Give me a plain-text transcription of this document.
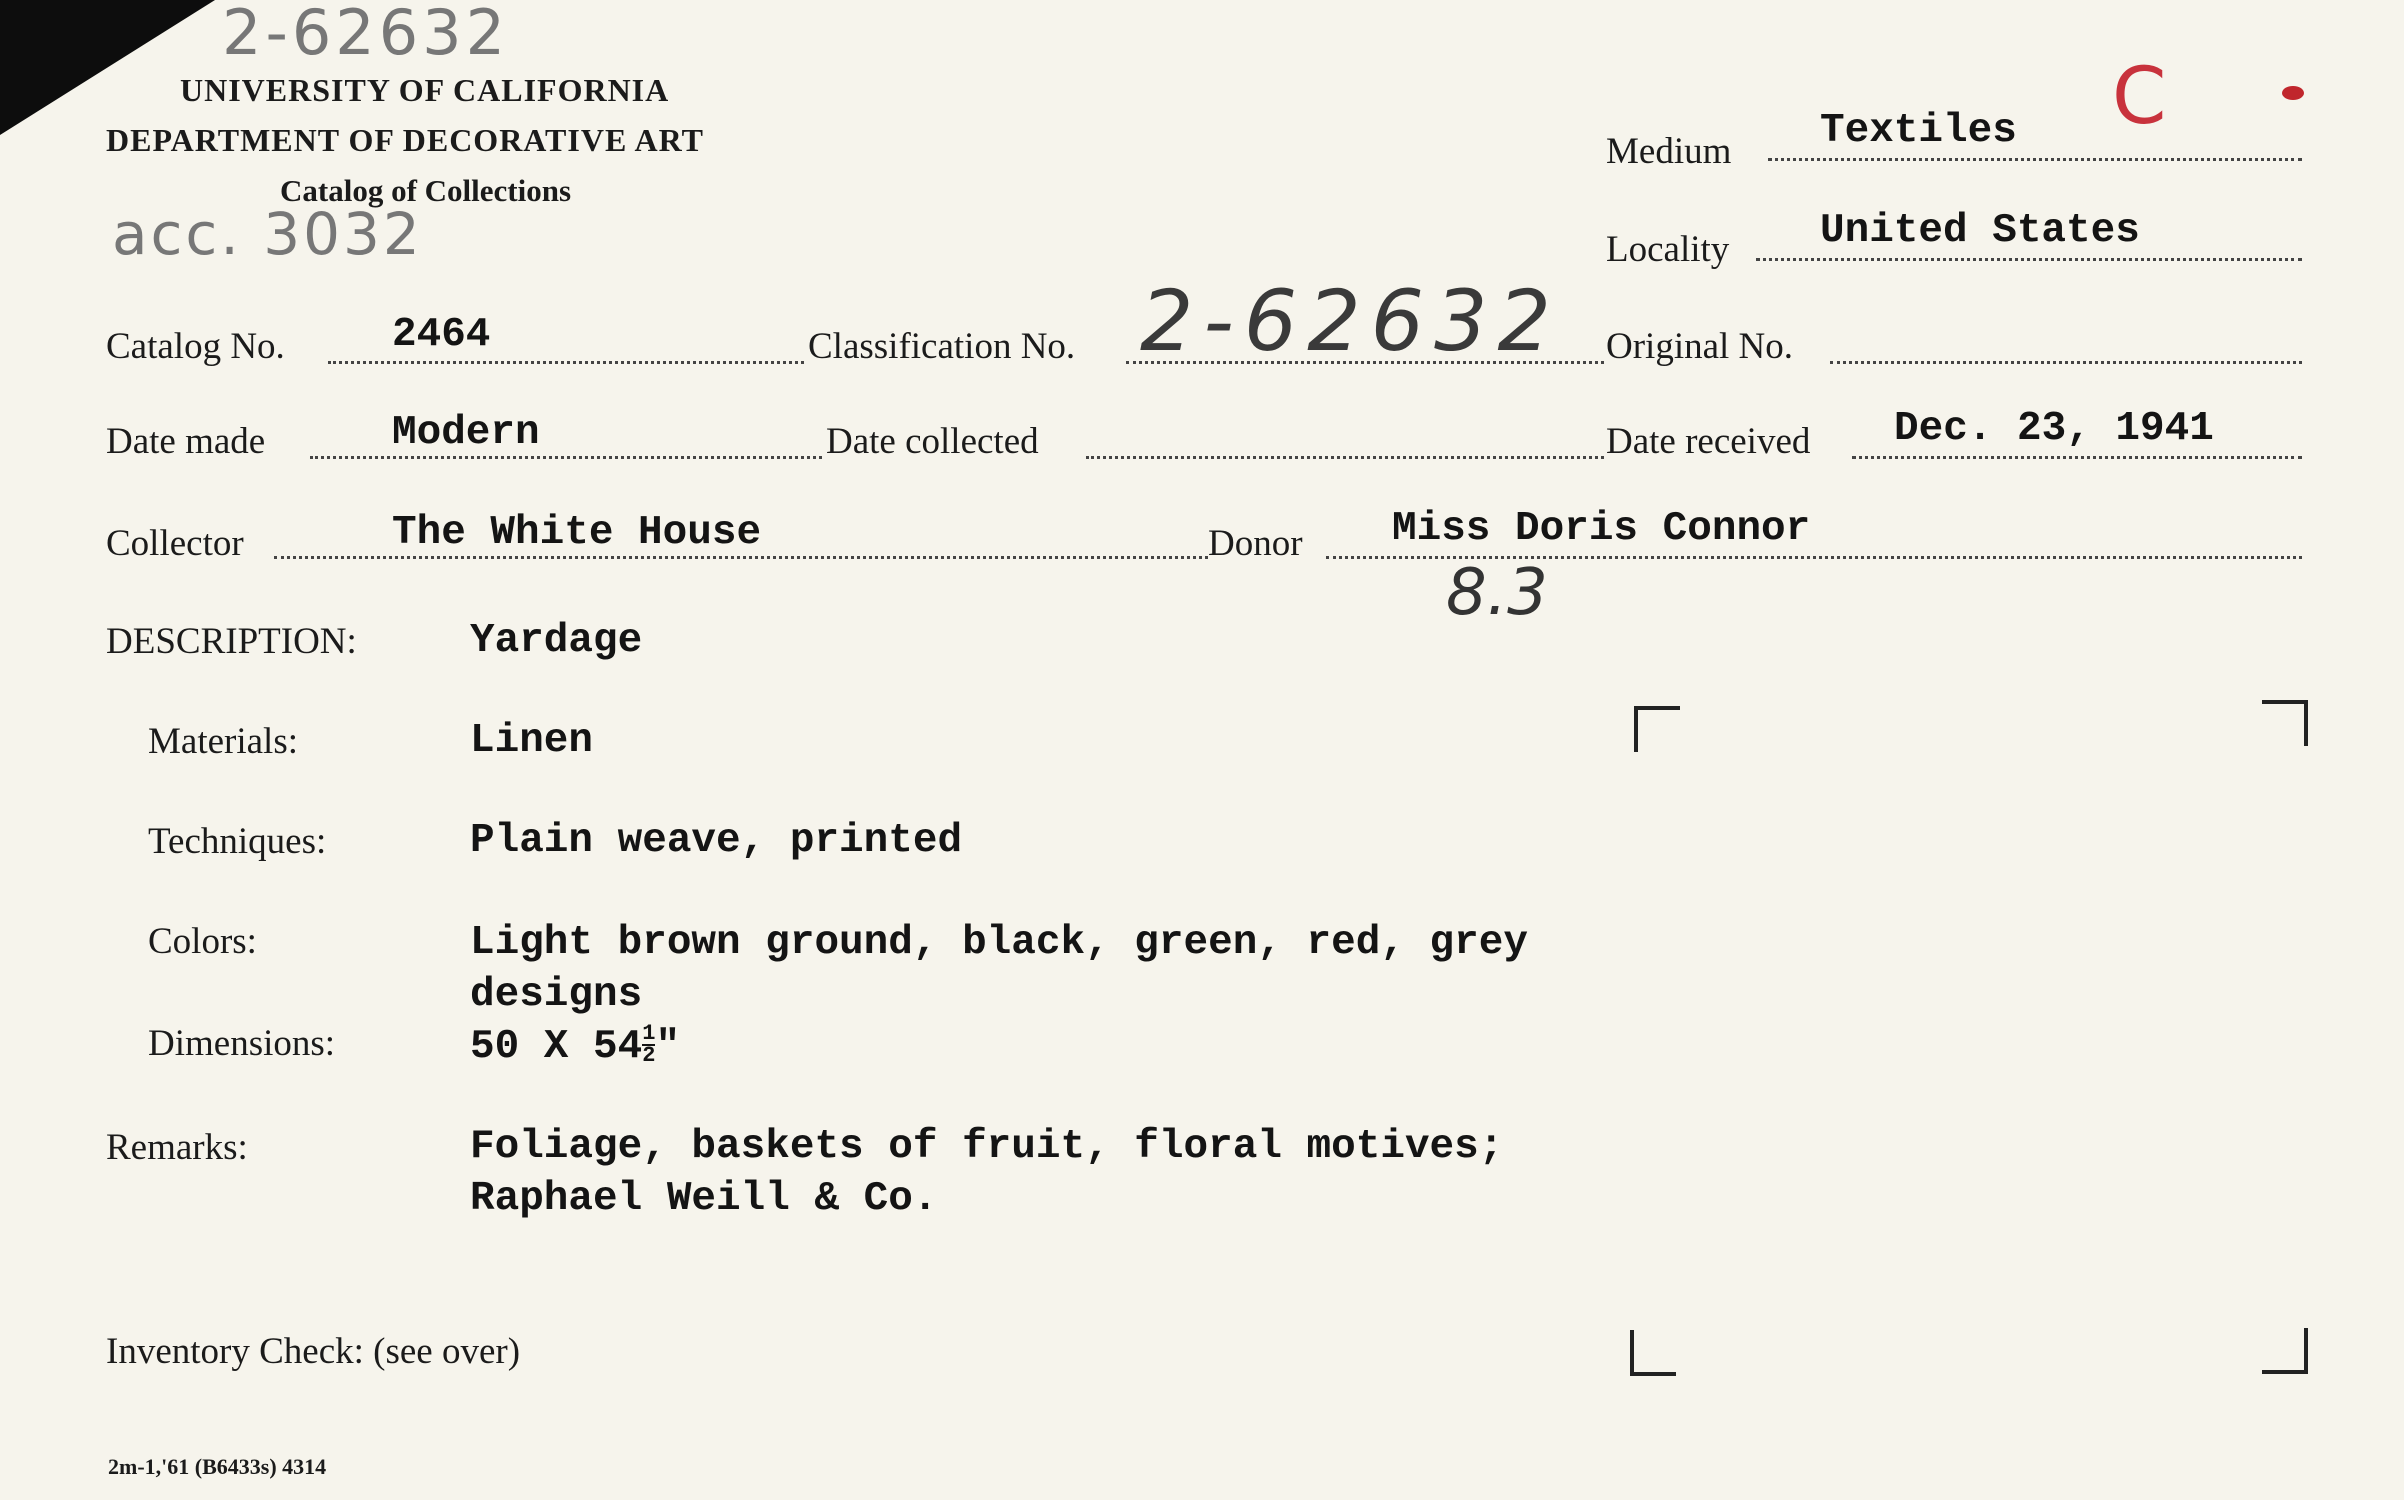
2-62632
UNIVERSITY OF CALIFORNIA
DEPARTMENT OF DECORATIVE ART
Catalog of Collections
acc. 3032
C
Medium Textiles
Locality United States
Catalog No.	2464	Classification No. 2-62632 Original No.
Date made	Modern	Date collected	Date received Dec. 23, 1941
Collector	The White House	Donor Miss Doris Connor
8.3
DESCRIPTION:	Yardage
Materials:	Linen
Techniques:	Plain weave, printed
Colors:	Light brown ground, black, green, red, grey
designs
Dimensions:	50 X $54 \frac{1}{2}$ "
Remarks:	Foliage, baskets of fruit, floral motives;
Raphael Weill & Co.
Inventory Check: (see over)
2m-1,'61 (B6433s) 4314
